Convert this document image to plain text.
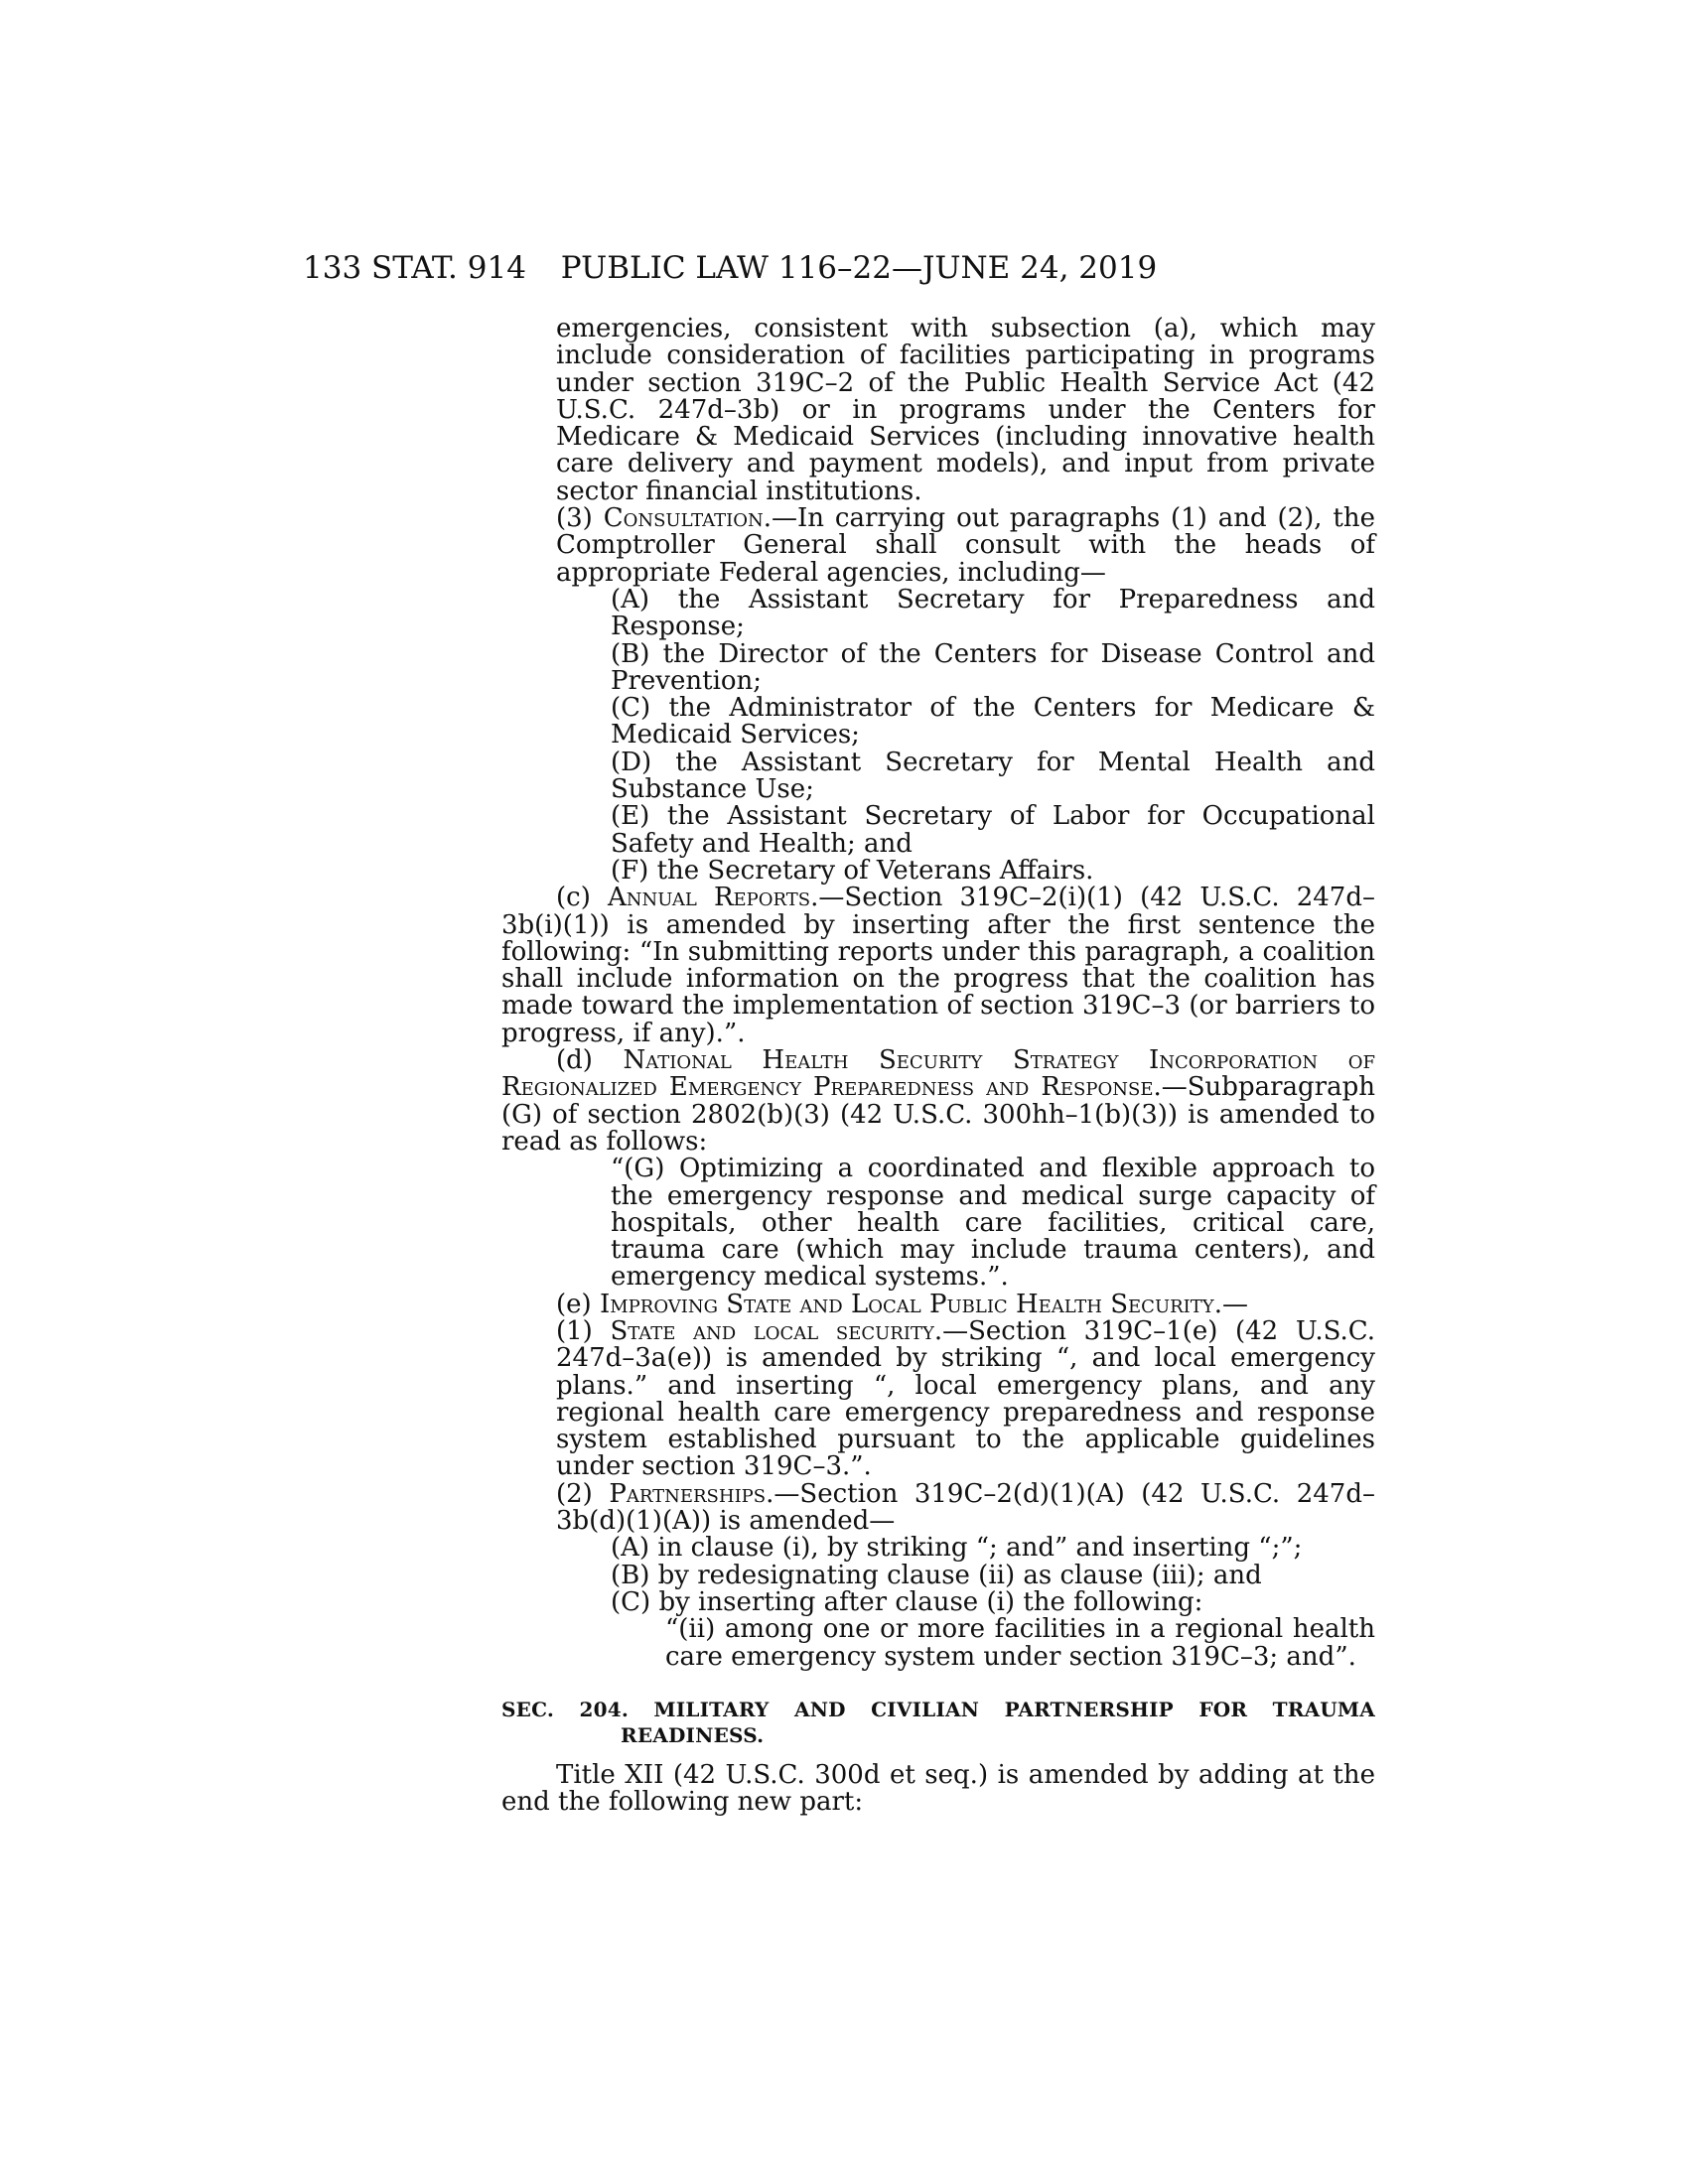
133 STAT. 914	PUBLIC LAW 116–22—JUNE 24, 2019

emergencies, consistent with subsection (a), which may include consideration of facilities participating in programs under section 319C–2 of the Public Health Service Act (42 U.S.C. 247d–3b) or in programs under the Centers for Medicare & Medicaid Services (including innovative health care delivery and payment models), and input from private sector financial institutions.

(3) Consultation.—In carrying out paragraphs (1) and (2), the Comptroller General shall consult with the heads of appropriate Federal agencies, including—

(A) the Assistant Secretary for Preparedness and Response;

(B) the Director of the Centers for Disease Control and Prevention;

(C) the Administrator of the Centers for Medicare & Medicaid Services;

(D) the Assistant Secretary for Mental Health and Substance Use;

(E) the Assistant Secretary of Labor for Occupational Safety and Health; and

(F) the Secretary of Veterans Affairs.

(c) Annual Reports.—Section 319C–2(i)(1) (42 U.S.C. 247d–3b(i)(1)) is amended by inserting after the first sentence the following: “In submitting reports under this paragraph, a coalition shall include information on the progress that the coalition has made toward the implementation of section 319C–3 (or barriers to progress, if any).”.

(d) National Health Security Strategy Incorporation of Regionalized Emergency Preparedness and Response.—Subparagraph (G) of section 2802(b)(3) (42 U.S.C. 300hh–1(b)(3)) is amended to read as follows:

“(G) Optimizing a coordinated and flexible approach to the emergency response and medical surge capacity of hospitals, other health care facilities, critical care, trauma care (which may include trauma centers), and emergency medical systems.”.

(e) Improving State and Local Public Health Security.—

(1) State and local security.—Section 319C–1(e) (42 U.S.C. 247d–3a(e)) is amended by striking “, and local emergency plans.” and inserting “, local emergency plans, and any regional health care emergency preparedness and response system established pursuant to the applicable guidelines under section 319C–3.”.

(2) Partnerships.—Section 319C–2(d)(1)(A) (42 U.S.C. 247d–3b(d)(1)(A)) is amended—

(A) in clause (i), by striking “; and” and inserting “;”;

(B) by redesignating clause (ii) as clause (iii); and

(C) by inserting after clause (i) the following:

“(ii) among one or more facilities in a regional health care emergency system under section 319C–3; and”.

SEC. 204. MILITARY AND CIVILIAN PARTNERSHIP FOR TRAUMA READINESS.

Title XII (42 U.S.C. 300d et seq.) is amended by adding at the end the following new part:
